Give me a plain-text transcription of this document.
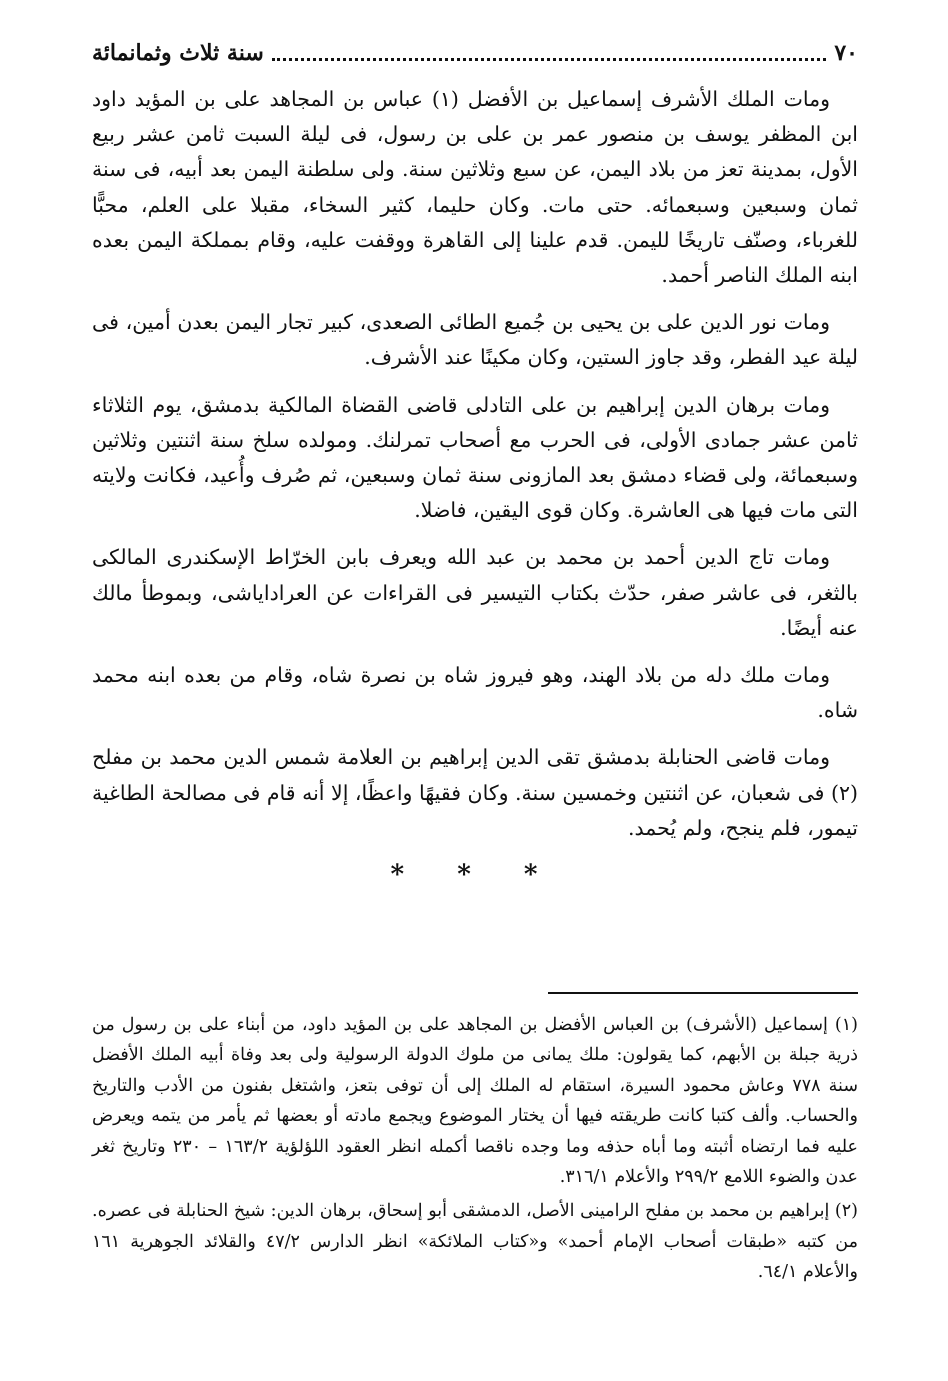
٧٠
سنة ثلاث وثمانمائة

ومات الملك الأشرف إسماعيل بن الأفضل (١) عباس بن المجاهد على بن المؤيد داود ابن المظفر يوسف بن منصور عمر بن على بن رسول، فى ليلة السبت ثامن عشر ربيع الأول، بمدينة تعز من بلاد اليمن، عن سبع وثلاثين سنة. ولى سلطنة اليمن بعد أبيه، فى سنة ثمان وسبعين وسبعمائه. حتى مات. وكان حليما، كثير السخاء، مقبلا على العلم، محبًّا للغرباء، وصنّف تاريخًا لليمن. قدم علينا إلى القاهرة ووقفت عليه، وقام بمملكة اليمن بعده ابنه الملك الناصر أحمد.

ومات نور الدين على بن يحيى بن جُميع الطائى الصعدى، كبير تجار اليمن بعدن أمين، فى ليلة عيد الفطر، وقد جاوز الستين، وكان مكينًا عند الأشرف.

ومات برهان الدين إبراهيم بن على التادلى قاضى القضاة المالكية بدمشق، يوم الثلاثاء ثامن عشر جمادى الأولى، فى الحرب مع أصحاب تمرلنك. ومولده سلخ سنة اثنتين وثلاثين وسبعمائة، ولى قضاء دمشق بعد المازونى سنة ثمان وسبعين، ثم صُرف وأُعيد، فكانت ولايته التى مات فيها هى العاشرة. وكان قوى اليقين، فاضلا.

ومات تاج الدين أحمد بن محمد بن عبد الله ويعرف بابن الخرّاط الإسكندرى المالكى بالثغر، فى عاشر صفر، حدّث بكتاب التيسير فى القراءات عن العراداياشى، وبموطأ مالك عنه أيضًا.

ومات ملك دله من بلاد الهند، وهو فيروز شاه بن نصرة شاه، وقام من بعده ابنه محمد شاه.

ومات قاضى الحنابلة بدمشق تقى الدين إبراهيم بن العلامة شمس الدين محمد بن مفلح (٢) فى شعبان، عن اثنتين وخمسين سنة. وكان فقيهًا واعظًا، إلا أنه قام فى مصالحة الطاغية تيمور، فلم ينجح، ولم يُحمد.

* * *

(١) إسماعيل (الأشرف) بن العباس الأفضل بن المجاهد على بن المؤيد داود، من أبناء على بن رسول من ذرية جبلة بن الأبهم، كما يقولون: ملك يمانى من ملوك الدولة الرسولية ولى بعد وفاة أبيه الملك الأفضل سنة ٧٧٨ وعاش محمود السيرة، استقام له الملك إلى أن توفى بتعز، واشتغل بفنون من الأدب والتاريخ والحساب. وألف كتبا كانت طريقته فيها أن يختار الموضوع ويجمع مادته أو بعضها ثم يأمر من يتمه ويعرض عليه فما ارتضاه أثبته وما أباه حذفه وما وجده ناقصا أكمله انظر العقود اللؤلؤية ١٦٣/٢ – ٢٣٠ وتاريخ ثغر عدن والضوء اللامع ٢٩٩/٢ والأعلام ٣١٦/١.

(٢) إبراهيم بن محمد بن مفلح الرامينى الأصل، الدمشقى أبو إسحاق، برهان الدين: شيخ الحنابلة فى عصره. من كتبه «طبقات أصحاب الإمام أحمد» و«كتاب الملائكة» انظر الدارس ٤٧/٢ والقلائد الجوهرية ١٦١ والأعلام ٦٤/١.
